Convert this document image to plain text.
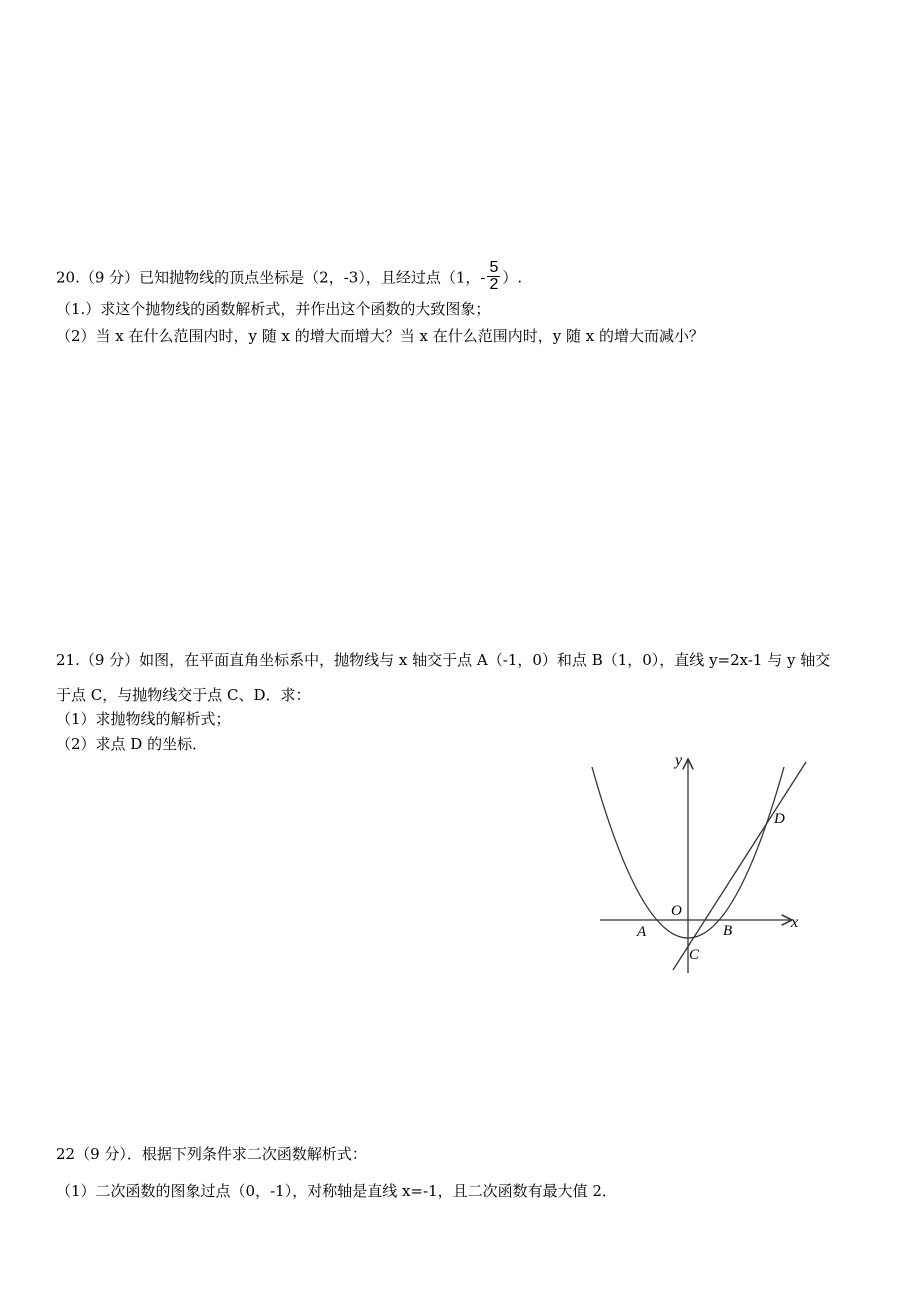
20.（9 分）已知抛物线的顶点坐标是（2，-3），且经过点（1，- $\frac{5}{2}$ ）.
（1.）求这个抛物线的函数解析式，并作出这个函数的大致图象；
（2）当 x 在什么范围内时，y 随 x 的增大而增大？当 x 在什么范围内时，y 随 x 的增大而减小？
21.（9 分）如图，在平面直角坐标系中，抛物线与 x 轴交于点 A（-1，0）和点 B（1，0），直线 y=2x-1 与 y 轴交
于点 C，与抛物线交于点 C、D．求：
（1）求抛物线的解析式；
（2）求点 D 的坐标．
y
x
O
A	B
C
D
22（9 分）．根据下列条件求二次函数解析式：
（1）二次函数的图象过点（0，-1），对称轴是直线 x=-1，且二次函数有最大值 2．
